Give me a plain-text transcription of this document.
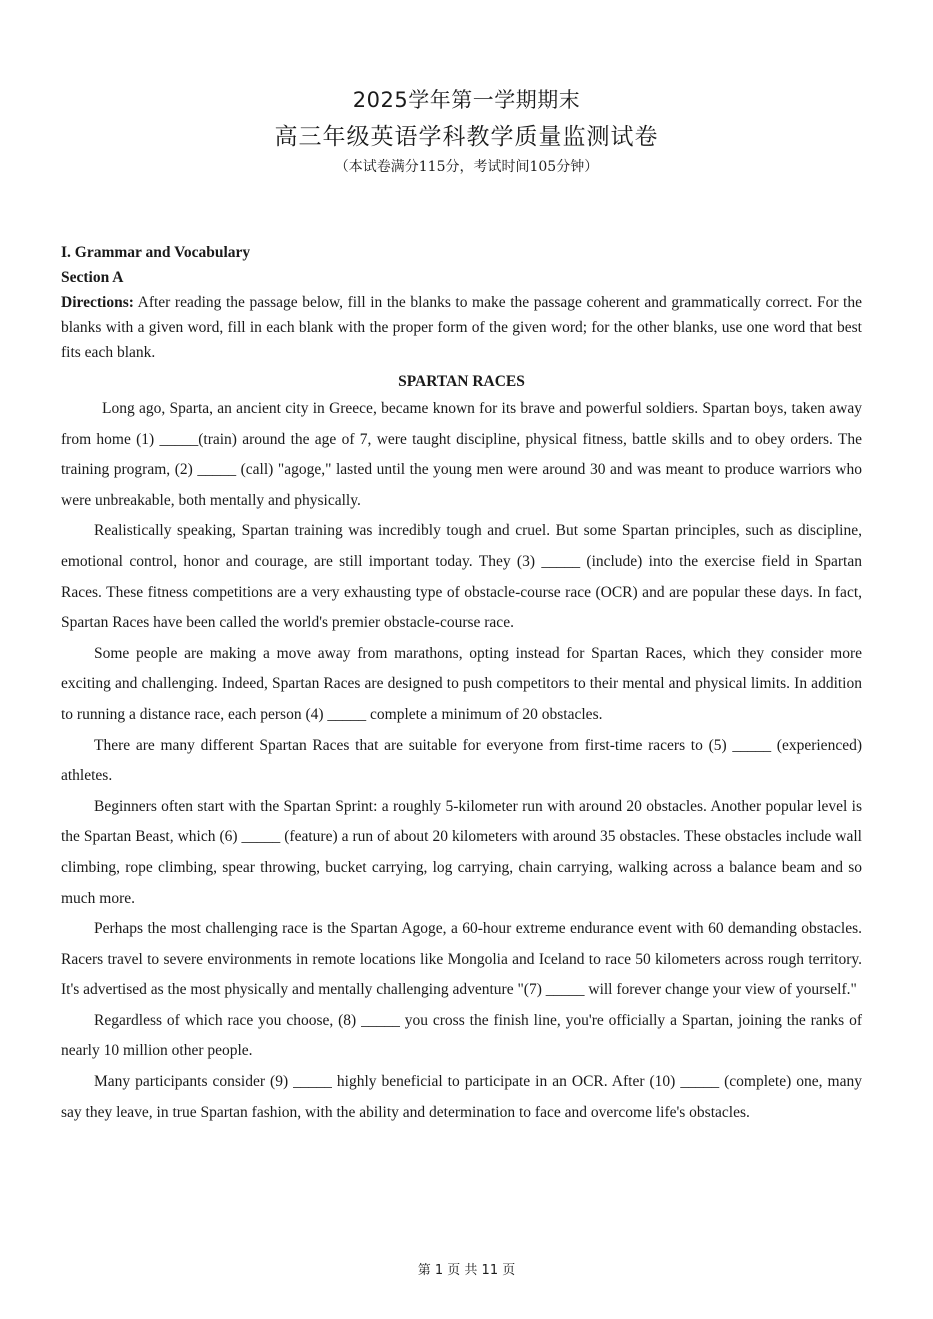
2025学年第一学期期末
高三年级英语学科教学质量监测试卷
（本试卷满分115分，考试时间105分钟）

I. Grammar and Vocabulary

Section A

Directions: After reading the passage below, fill in the blanks to make the passage coherent and grammatically correct. For the blanks with a given word, fill in each blank with the proper form of the given word; for the other blanks, use one word that best fits each blank.

SPARTAN RACES

Long ago, Sparta, an ancient city in Greece, became known for its brave and powerful soldiers. Spartan boys, taken away from home (1) _____(train) around the age of 7, were taught discipline, physical fitness, battle skills and to obey orders. The training program, (2) _____ (call) "agoge," lasted until the young men were around 30 and was meant to produce warriors who were unbreakable, both mentally and physically.

Realistically speaking, Spartan training was incredibly tough and cruel. But some Spartan principles, such as discipline, emotional control, honor and courage, are still important today. They (3) _____ (include) into the exercise field in Spartan Races. These fitness competitions are a very exhausting type of obstacle-course race (OCR) and are popular these days. In fact, Spartan Races have been called the world's premier obstacle-course race.

Some people are making a move away from marathons, opting instead for Spartan Races, which they consider more exciting and challenging. Indeed, Spartan Races are designed to push competitors to their mental and physical limits. In addition to running a distance race, each person (4) _____ complete a minimum of 20 obstacles.

There are many different Spartan Races that are suitable for everyone from first-time racers to (5) _____ (experienced) athletes.

Beginners often start with the Spartan Sprint: a roughly 5-kilometer run with around 20 obstacles. Another popular level is the Spartan Beast, which (6) _____ (feature) a run of about 20 kilometers with around 35 obstacles. These obstacles include wall climbing, rope climbing, spear throwing, bucket carrying, log carrying, chain carrying, walking across a balance beam and so much more.

Perhaps the most challenging race is the Spartan Agoge, a 60-hour extreme endurance event with 60 demanding obstacles. Racers travel to severe environments in remote locations like Mongolia and Iceland to race 50 kilometers across rough territory. It's advertised as the most physically and mentally challenging adventure "(7) _____ will forever change your view of yourself."

Regardless of which race you choose, (8) _____ you cross the finish line, you're officially a Spartan, joining the ranks of nearly 10 million other people.

Many participants consider (9) _____ highly beneficial to participate in an OCR. After (10) _____ (complete) one, many say they leave, in true Spartan fashion, with the ability and determination to face and overcome life's obstacles.

第 1 页 共 11 页
